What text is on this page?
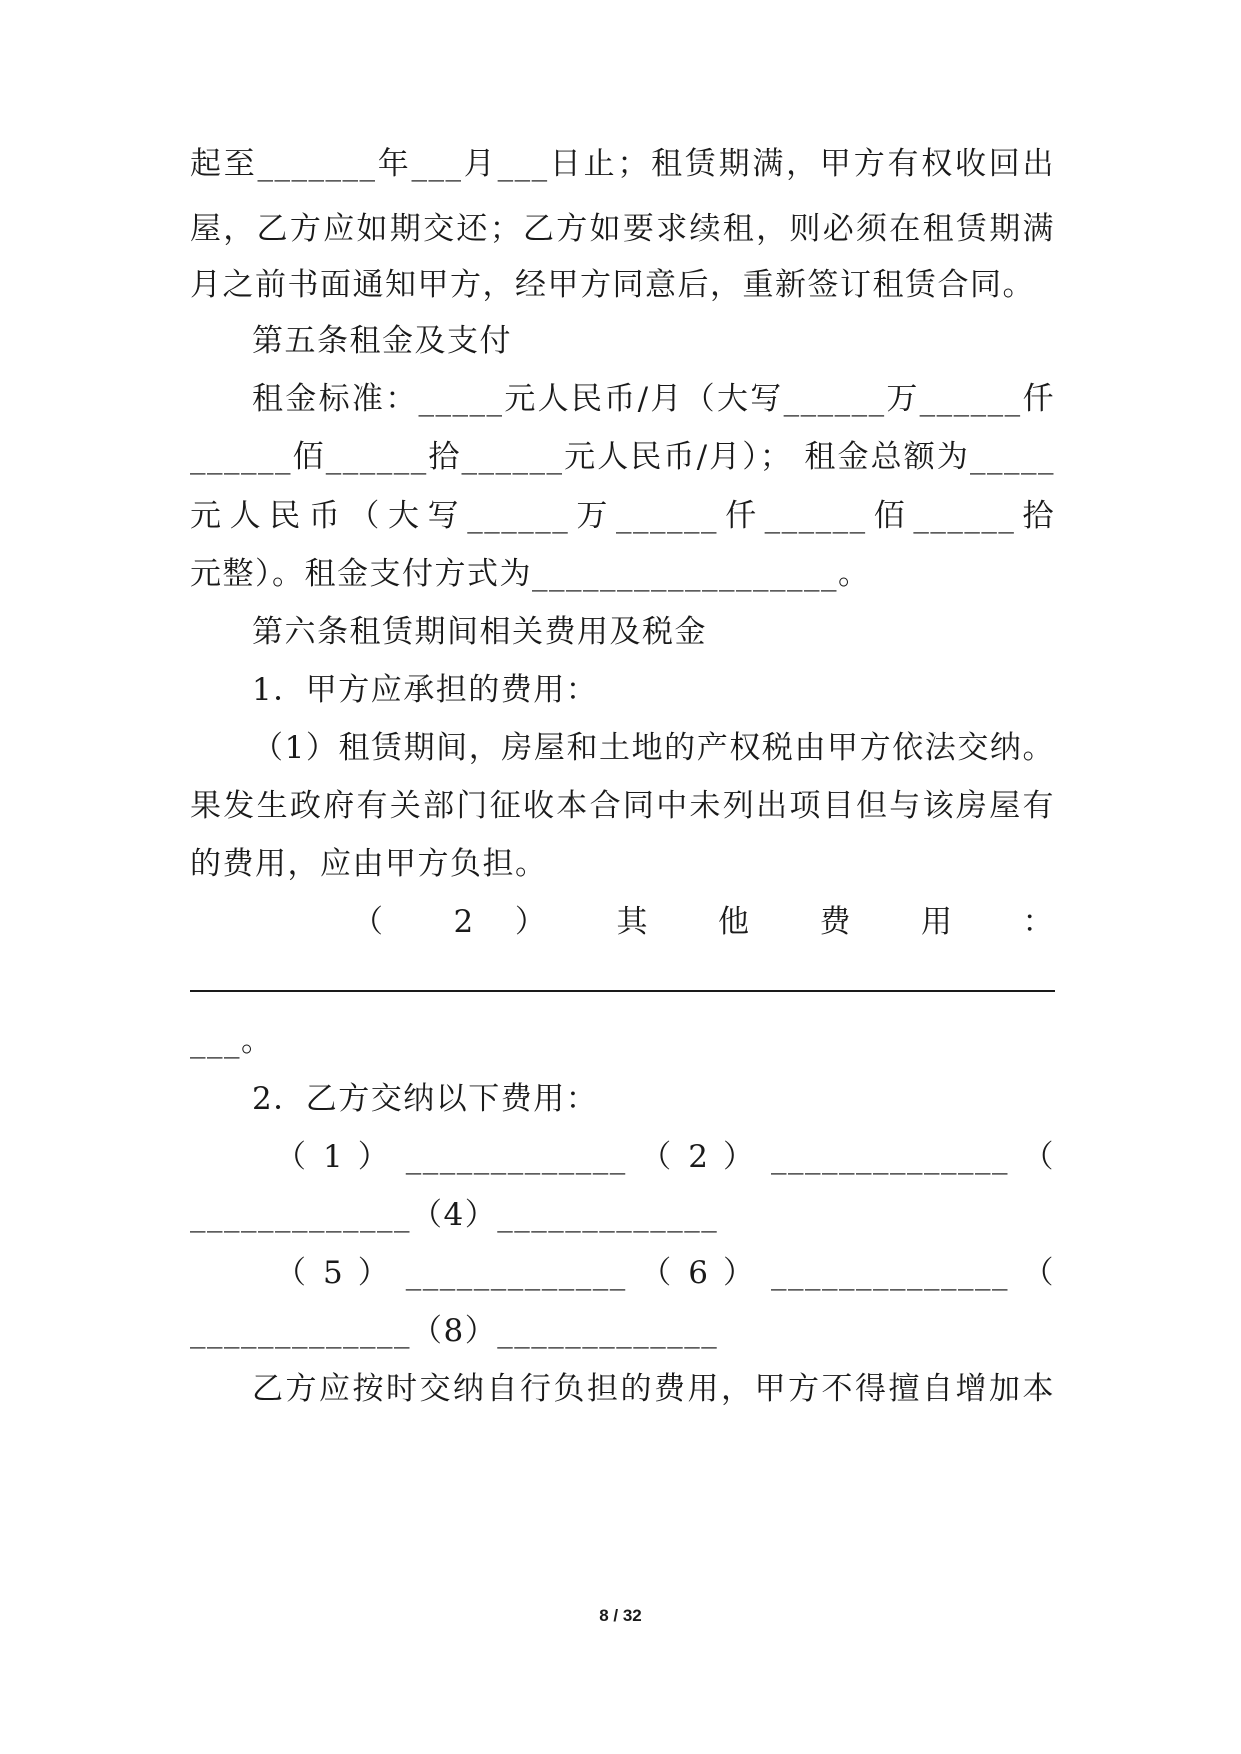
起至_______年___月___日止；租赁期满，甲方有权收回出
屋，乙方应如期交还；乙方如要求续租，则必须在租赁期满
月之前书面通知甲方，经甲方同意后，重新签订租赁合同。
第五条租金及支付
租金标准：_____元人民币/月（大写______万______仟
______佰______拾______元人民币/月）； 租金总额为_____
元人民币（大写______万______仟______佰______拾
元整）。租金支付方式为__________________。
第六条租赁期间相关费用及税金
1．甲方应承担的费用：
（1）租赁期间，房屋和土地的产权税由甲方依法交纳。
果发生政府有关部门征收本合同中未列出项目但与该房屋有
的费用，应由甲方负担。
（ 2 ） 其 他 费 用 ：
___。
2．乙方交纳以下费用：
（ 1 ） _____________ （ 2 ） ______________ （
_____________（4）_____________
（ 5 ） _____________ （ 6 ） ______________ （
_____________（8）_____________
乙方应按时交纳自行负担的费用，甲方不得擅自增加本
8 / 32
